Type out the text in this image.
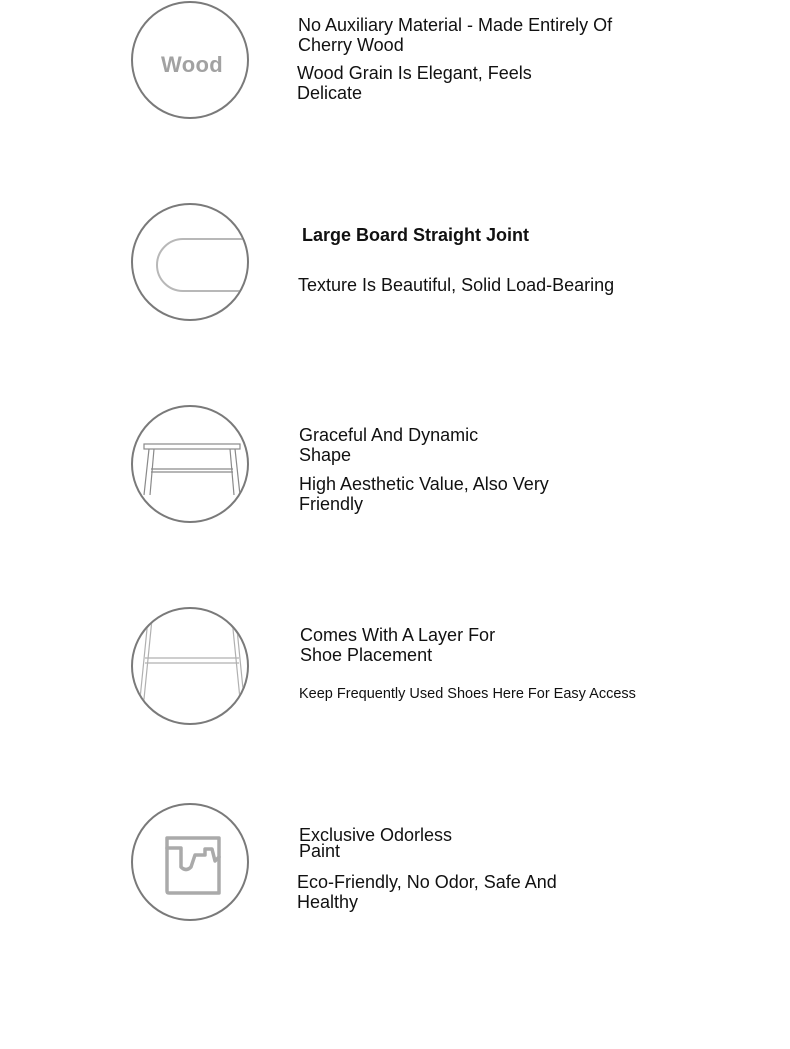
Wood
No Auxiliary Material - Made Entirely Of Cherry Wood

Wood Grain Is Elegant, Feels Delicate

Large Board Straight Joint

Texture Is Beautiful, Solid Load-Bearing

Graceful And Dynamic Shape

High Aesthetic Value, Also Very Friendly

Comes With A Layer For Shoe Placement

Keep Frequently Used Shoes Here For Easy Access

Exclusive Odorless Paint

Eco-Friendly, No Odor, Safe And Healthy
